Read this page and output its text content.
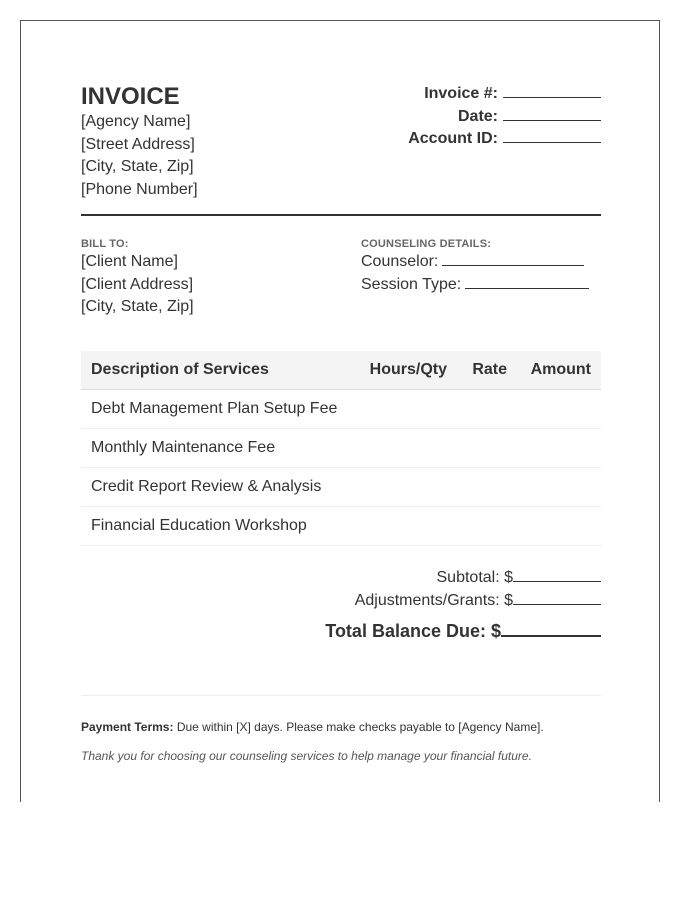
INVOICE
[Agency Name]
[Street Address]
[City, State, Zip]
[Phone Number]
Invoice #:
Date:
Account ID:
BILL TO:
[Client Name]
[Client Address]
[City, State, Zip]
COUNSELING DETAILS:
Counselor:
Session Type:
Description of Services	Hours/Qty	Rate	Amount
Debt Management Plan Setup Fee			
Monthly Maintenance Fee			
Credit Report Review & Analysis			
Financial Education Workshop			
Subtotal: $
Adjustments/Grants: $
Total Balance Due: $
Payment Terms: Due within [X] days. Please make checks payable to [Agency Name].
Thank you for choosing our counseling services to help manage your financial future.
